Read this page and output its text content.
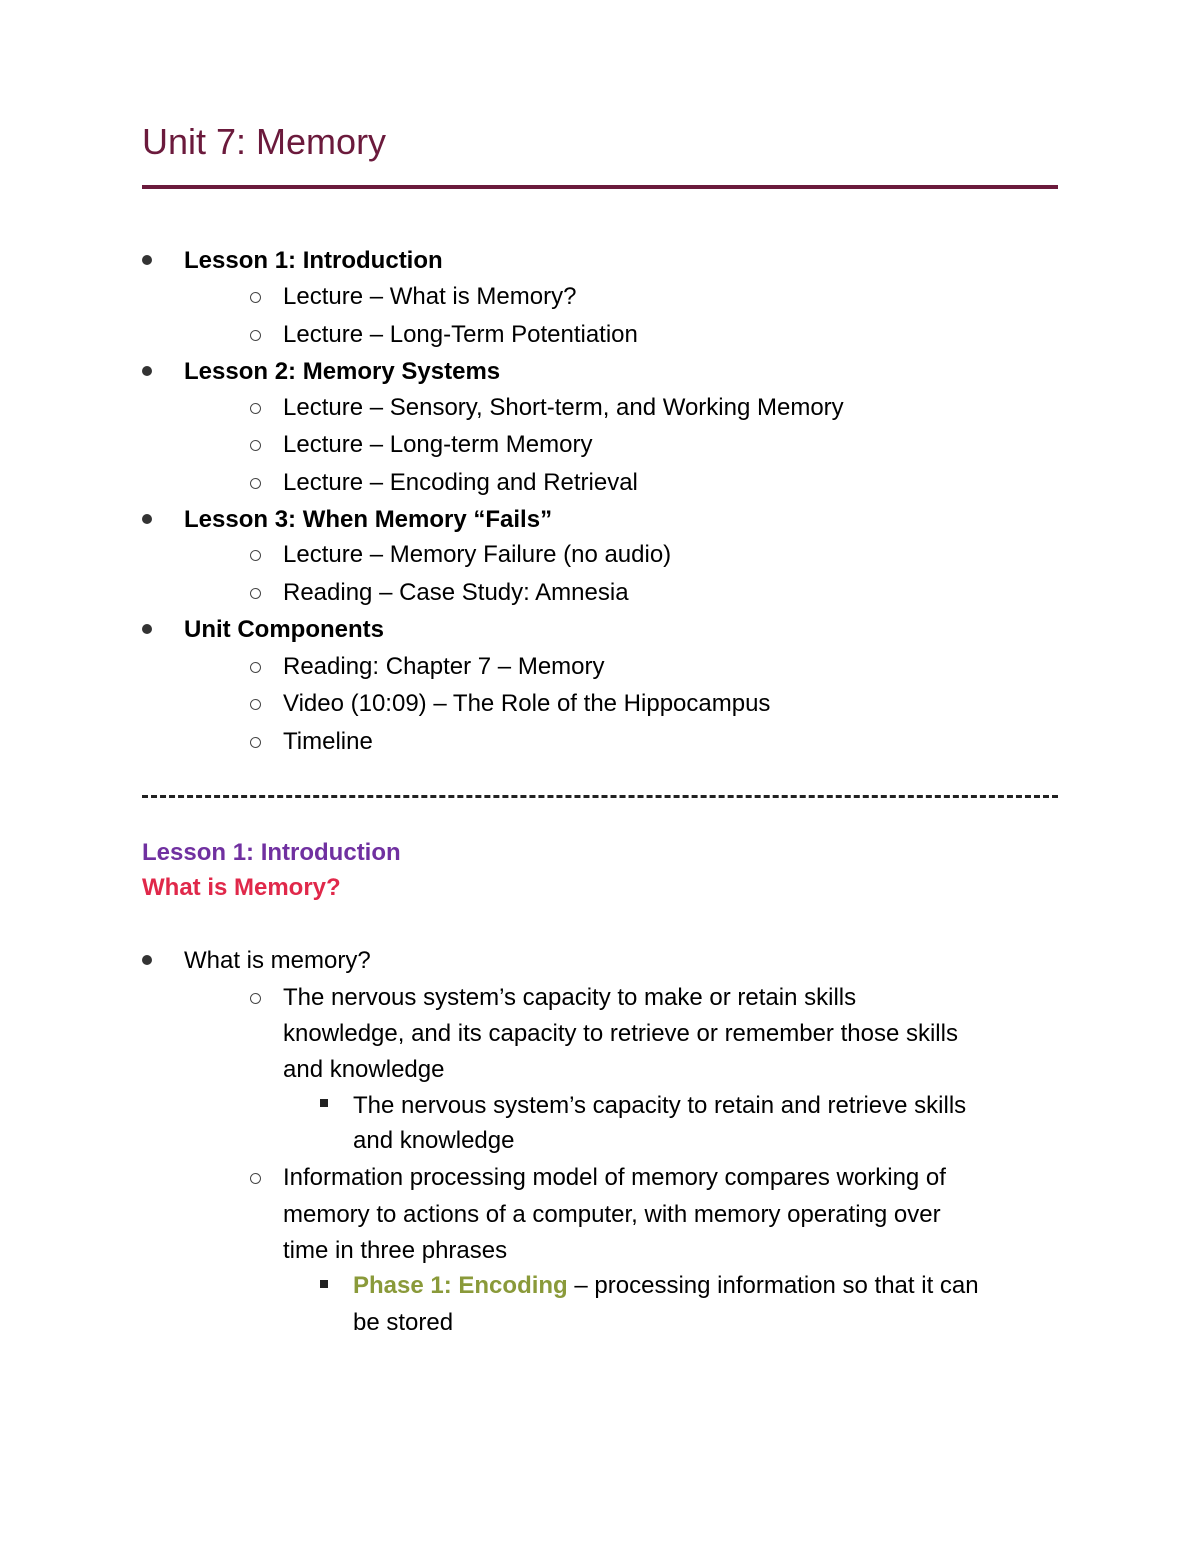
Unit 7: Memory
Lesson 1: Introduction
Lecture – What is Memory?
Lecture – Long-Term Potentiation
Lesson 2: Memory Systems
Lecture – Sensory, Short-term, and Working Memory
Lecture – Long-term Memory
Lecture – Encoding and Retrieval
Lesson 3: When Memory “Fails”
Lecture – Memory Failure (no audio)
Reading – Case Study: Amnesia
Unit Components
Reading: Chapter 7 – Memory
Video (10:09) – The Role of the Hippocampus
Timeline
Lesson 1: Introduction
What is Memory?
What is memory?
The nervous system’s capacity to make or retain skills
knowledge, and its capacity to retrieve or remember those skills
and knowledge
The nervous system’s capacity to retain and retrieve skills
and knowledge
Information processing model of memory compares working of
memory to actions of a computer, with memory operating over
time in three phrases
Phase 1: Encoding – processing information so that it can
be stored
